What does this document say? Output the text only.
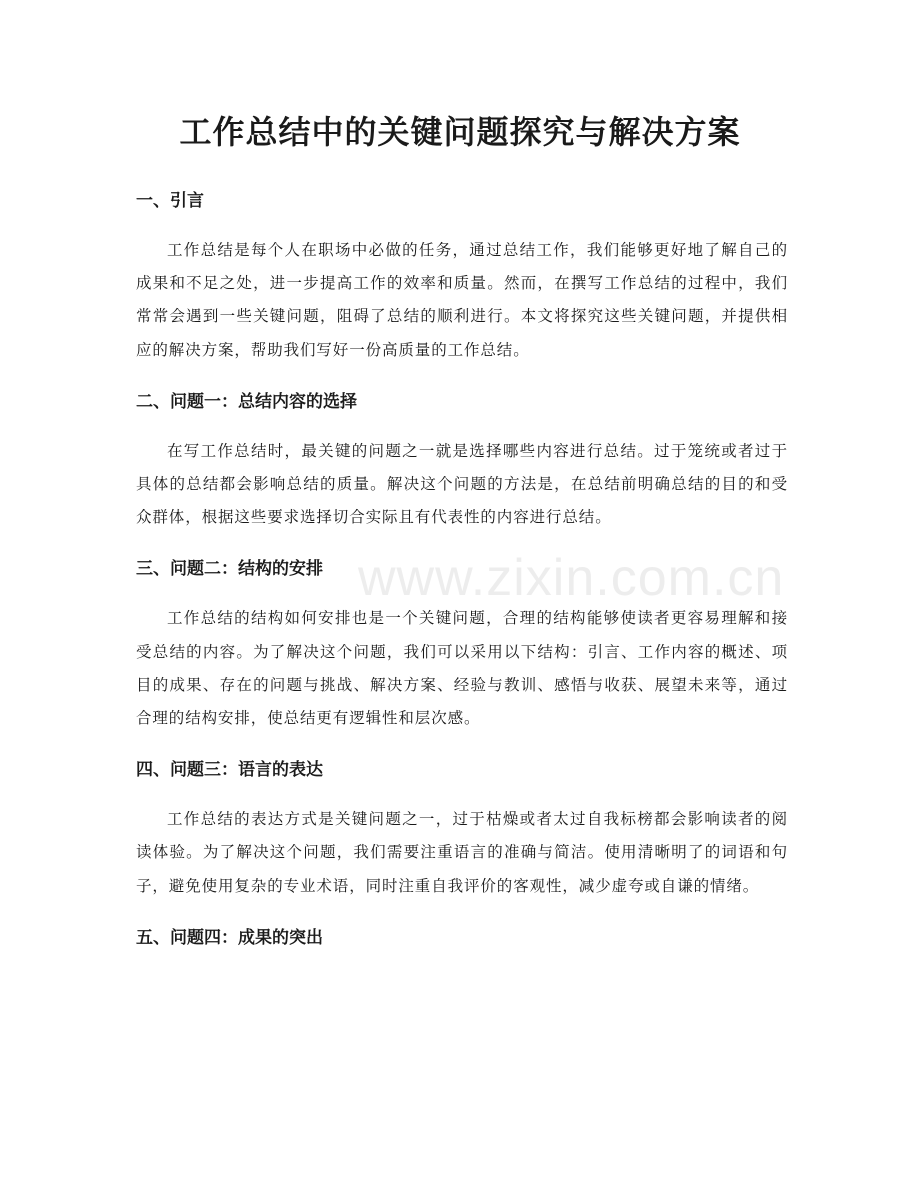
工作总结中的关键问题探究与解决方案
一、引言

工作总结是每个人在职场中必做的任务，通过总结工作，我们能够更好地了解自己的成果和不足之处，进一步提高工作的效率和质量。然而，在撰写工作总结的过程中，我们常常会遇到一些关键问题，阻碍了总结的顺利进行。本文将探究这些关键问题，并提供相应的解决方案，帮助我们写好一份高质量的工作总结。

二、问题一：总结内容的选择

在写工作总结时，最关键的问题之一就是选择哪些内容进行总结。过于笼统或者过于具体的总结都会影响总结的质量。解决这个问题的方法是，在总结前明确总结的目的和受众群体，根据这些要求选择切合实际且有代表性的内容进行总结。

三、问题二：结构的安排

工作总结的结构如何安排也是一个关键问题，合理的结构能够使读者更容易理解和接受总结的内容。为了解决这个问题，我们可以采用以下结构：引言、工作内容的概述、项目的成果、存在的问题与挑战、解决方案、经验与教训、感悟与收获、展望未来等，通过合理的结构安排，使总结更有逻辑性和层次感。

四、问题三：语言的表达

工作总结的表达方式是关键问题之一，过于枯燥或者太过自我标榜都会影响读者的阅读体验。为了解决这个问题，我们需要注重语言的准确与简洁。使用清晰明了的词语和句子，避免使用复杂的专业术语，同时注重自我评价的客观性，减少虚夸或自谦的情绪。

五、问题四：成果的突出
www.zixin.com.cn
